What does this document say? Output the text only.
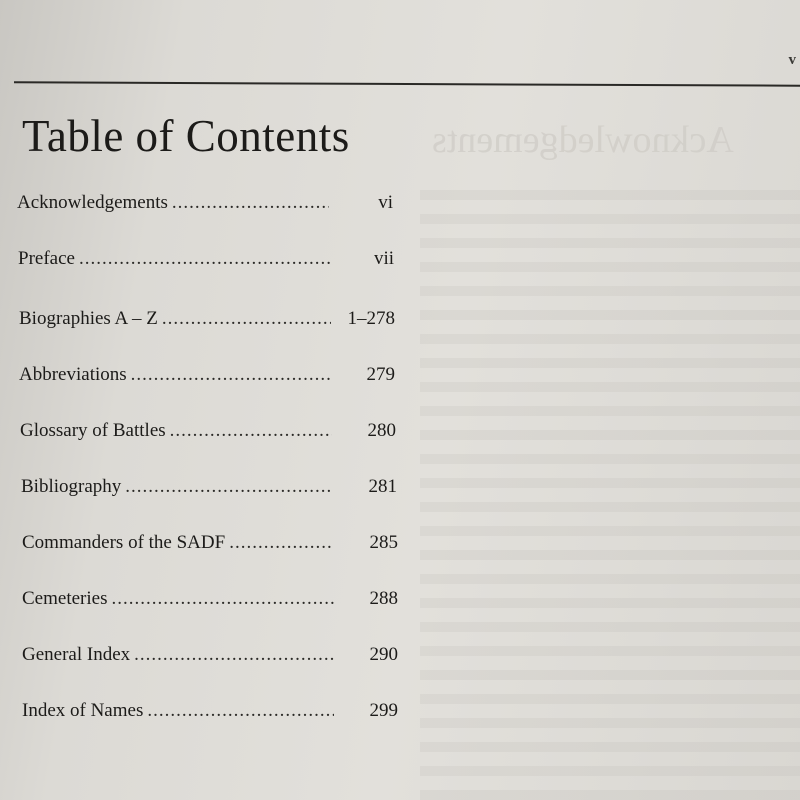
Acknowledgements
v
Table of Contents
Acknowledgements .....	vi
Preface .....	vii
Biographies A – Z .....	1–278
Abbreviations .....	279
Glossary of Battles .....	280
Bibliography .....	281
Commanders of the SADF .....	285
Cemeteries .....	288
General Index .....	290
Index of Names .....	299
